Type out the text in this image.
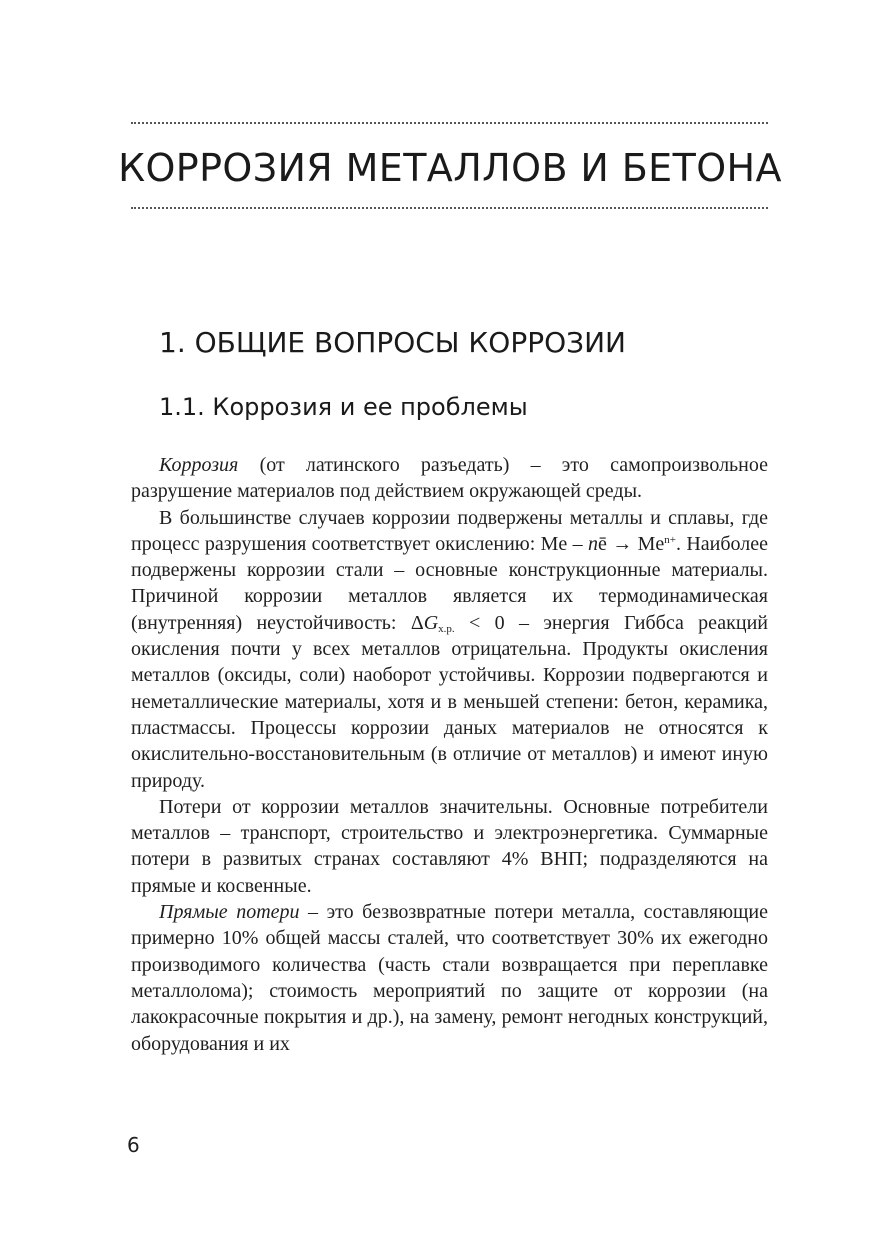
КОРРОЗИЯ МЕТАЛЛОВ И БЕТОНА
1. ОБЩИЕ ВОПРОСЫ КОРРОЗИИ
1.1. Коррозия и ее проблемы

Коррозия (от латинского разъедать) – это самопроизвольное разрушение материалов под действием окружающей среды.

В большинстве случаев коррозии подвержены металлы и сплавы, где процесс разрушения соответствует окислению: Me – nē → $Me^{n+}$. Наиболее подвержены коррозии стали – основные конструкционные материалы. Причиной коррозии металлов является их термодинамическая (внутренняя) неустойчивость: $\Delta G_{х.р.} < 0$ – энергия Гиббса реакций окисления почти у всех металлов отрицательна. Продукты окисления металлов (оксиды, соли) наоборот устойчивы. Коррозии подвергаются и неметаллические материалы, хотя и в меньшей степени: бетон, керамика, пластмассы. Процессы коррозии даных материалов не относятся к окислительно-восстановительным (в отличие от металлов) и имеют иную природу.

Потери от коррозии металлов значительны. Основные потребители металлов – транспорт, строительство и электроэнергетика. Суммарные потери в развитых странах составляют 4% ВНП; подразделяются на прямые и косвенные.

Прямые потери – это безвозвратные потери металла, составляющие примерно 10% общей массы сталей, что соответствует 30% их ежегодно производимого количества (часть стали возвращается при переплавке металлолома); стоимость мероприятий по защите от коррозии (на лакокрасочные покрытия и др.), на замену, ремонт негодных конструкций, оборудования и их

6
